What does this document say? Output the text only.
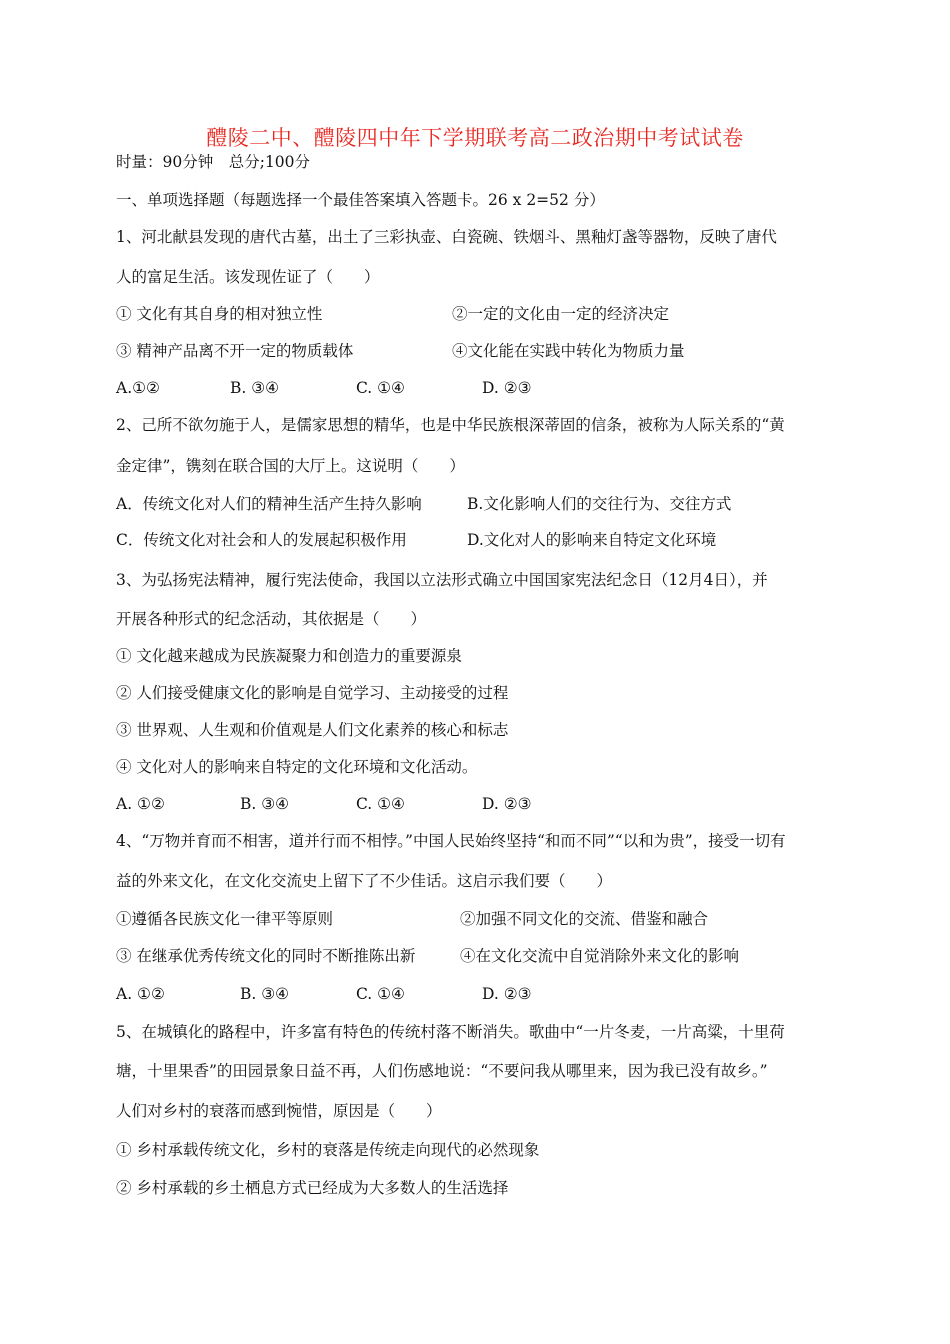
醴陵二中、醴陵四中年下学期联考高二政治期中考试试卷
时量：90分钟　总分;100分
一、单项选择题（每题选择一个最佳答案填入答题卡。26 x 2=52 分）
1、河北献县发现的唐代古墓，出土了三彩执壶、白瓷碗、铁烟斗、黑釉灯盏等器物，反映了唐代
人的富足生活。该发现佐证了（　　）
① 文化有其自身的相对独立性	②一定的文化由一定的经济决定
③ 精神产品离不开一定的物质载体	④文化能在实践中转化为物质力量
A.①②	B. ③④	C. ①④	D. ②③
2、己所不欲勿施于人，是儒家思想的精华，也是中华民族根深蒂固的信条，被称为人际关系的“黄
金定律”，镌刻在联合国的大厅上。这说明（　　）
A．传统文化对人们的精神生活产生持久影响	B.文化影响人们的交往行为、交往方式
C．传统文化对社会和人的发展起积极作用	D.文化对人的影响来自特定文化环境
3、为弘扬宪法精神，履行宪法使命，我国以立法形式确立中国国家宪法纪念日（12月4日），并
开展各种形式的纪念活动，其依据是（　　）
① 文化越来越成为民族凝聚力和创造力的重要源泉
② 人们接受健康文化的影响是自觉学习、主动接受的过程
③ 世界观、人生观和价值观是人们文化素养的核心和标志
④ 文化对人的影响来自特定的文化环境和文化活动。
A. ①②	B. ③④	C. ①④	D. ②③
4、“万物并育而不相害，道并行而不相悖。”中国人民始终坚持“和而不同”“以和为贵”，接受一切有
益的外来文化，在文化交流史上留下了不少佳话。这启示我们要（　　）
①遵循各民族文化一律平等原则	②加强不同文化的交流、借鉴和融合
③ 在继承优秀传统文化的同时不断推陈出新	④在文化交流中自觉消除外来文化的影响
A. ①②	B. ③④	C. ①④	D. ②③
5、在城镇化的路程中，许多富有特色的传统村落不断消失。歌曲中“一片冬麦，一片高粱，十里荷
塘，十里果香”的田园景象日益不再，人们伤感地说：“不要问我从哪里来，因为我已没有故乡。”
人们对乡村的衰落而感到惋惜，原因是（　　）
① 乡村承载传统文化，乡村的衰落是传统走向现代的必然现象
② 乡村承载的乡土栖息方式已经成为大多数人的生活选择
